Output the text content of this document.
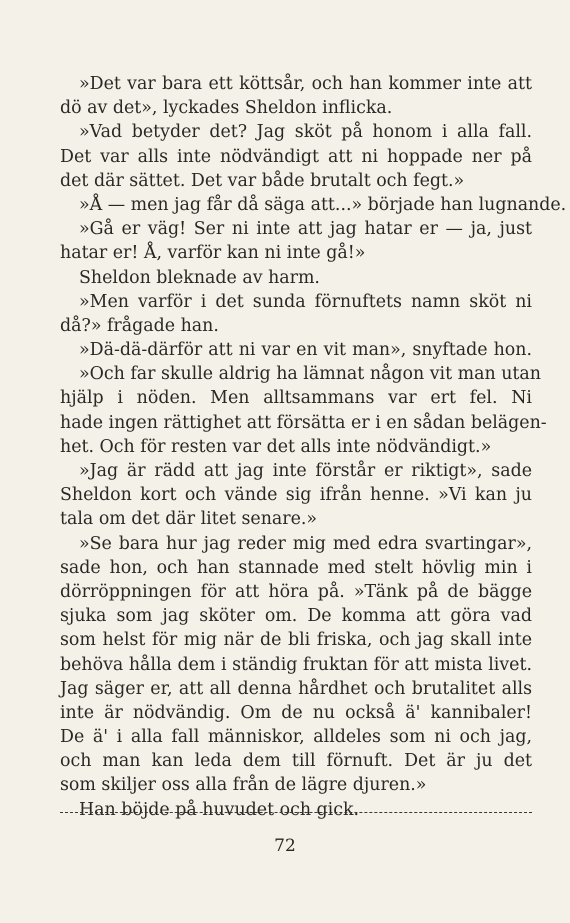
»Det var bara ett köttsår, och han kommer inte att
dö av det», lyckades Sheldon inflicka.
»Vad betyder det? Jag sköt på honom i alla fall.
Det var alls inte nödvändigt att ni hoppade ner på
det där sättet. Det var både brutalt och fegt.»
»Å — men jag får då säga att...» började han lugnande.
»Gå er väg! Ser ni inte att jag hatar er — ja, just
hatar er! Å, varför kan ni inte gå!»
Sheldon bleknade av harm.
»Men varför i det sunda förnuftets namn sköt ni
då?» frågade han.
»Dä-dä-därför att ni var en vit man», snyftade hon.
»Och far skulle aldrig ha lämnat någon vit man utan
hjälp i nöden. Men alltsammans var ert fel. Ni
hade ingen rättighet att försätta er i en sådan belägen-
het. Och för resten var det alls inte nödvändigt.»
»Jag är rädd att jag inte förstår er riktigt», sade
Sheldon kort och vände sig ifrån henne. »Vi kan ju
tala om det där litet senare.»
»Se bara hur jag reder mig med edra svartingar»,
sade hon, och han stannade med stelt hövlig min i
dörröppningen för att höra på. »Tänk på de bägge
sjuka som jag sköter om. De komma att göra vad
som helst för mig när de bli friska, och jag skall inte
behöva hålla dem i ständig fruktan för att mista livet.
Jag säger er, att all denna hårdhet och brutalitet alls
inte är nödvändig. Om de nu också ä' kannibaler!
De ä' i alla fall människor, alldeles som ni och jag,
och man kan leda dem till förnuft. Det är ju det
som skiljer oss alla från de lägre djuren.»
Han böjde på huvudet och gick.
72
